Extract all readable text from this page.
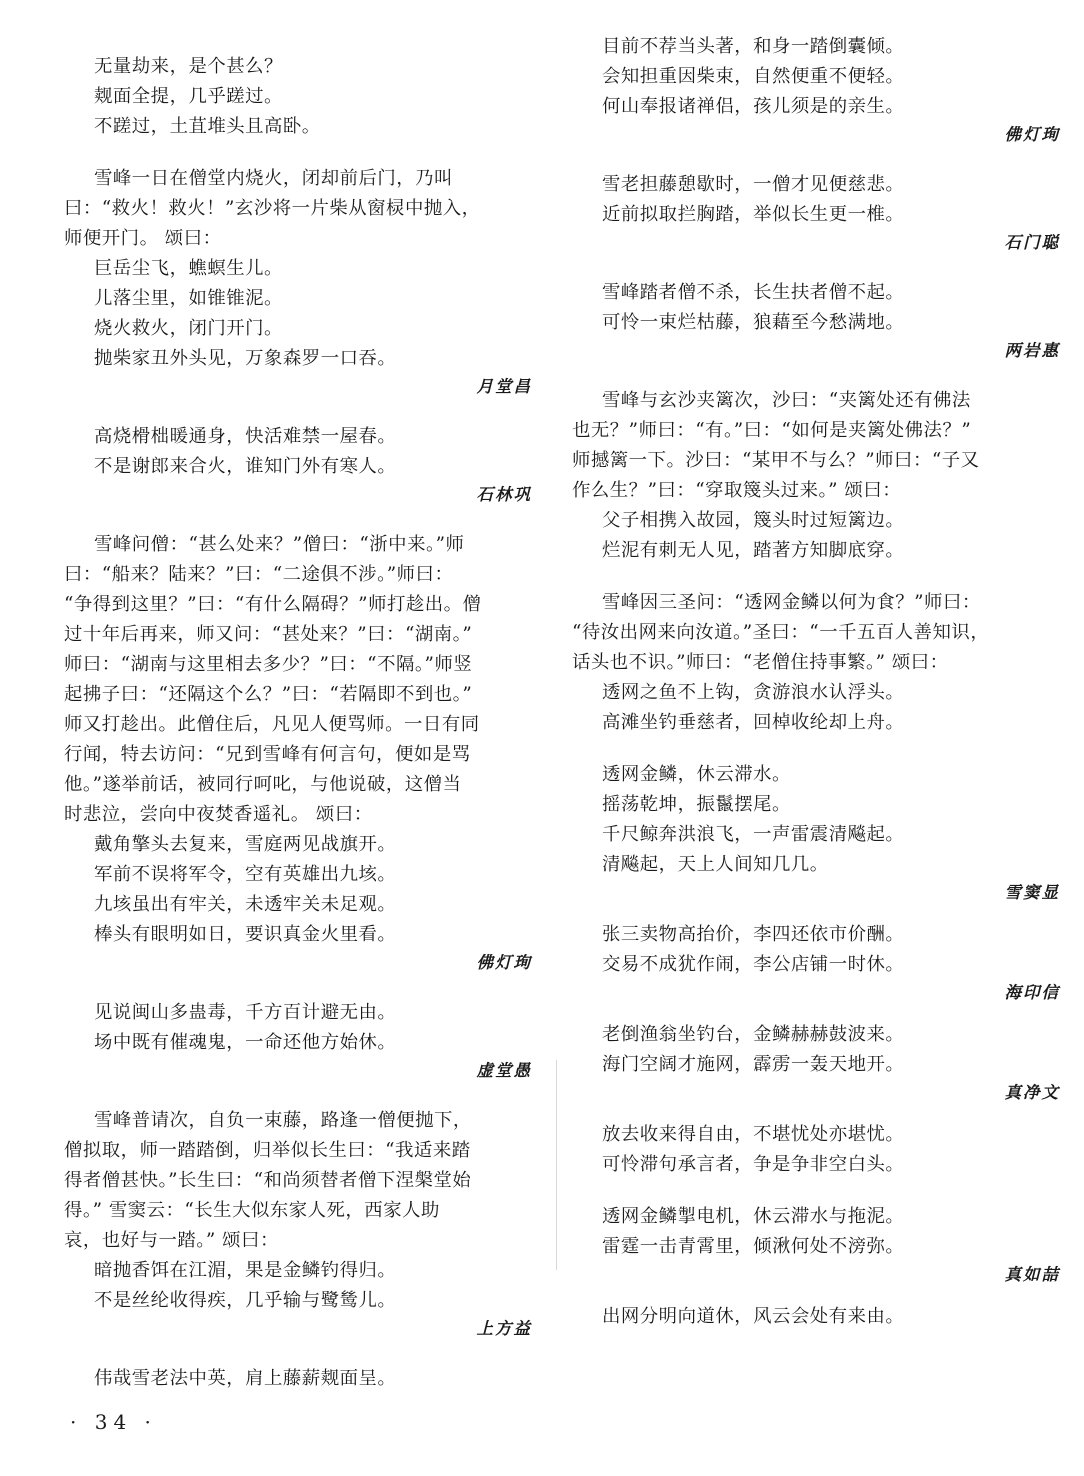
无量劫来，是个甚么？
觌面全提，几乎蹉过。
不蹉过，土苴堆头且高卧。
雪峰一日在僧堂内烧火，闭却前后门，乃叫
曰：“救火！救火！”玄沙将一片柴从窗棂中抛入，
师便开门。 颂曰：
巨岳尘飞，蟭螟生儿。
儿落尘里，如锥锥泥。
烧火救火，闭门开门。
抛柴家丑外头见，万象森罗一口吞。
月堂昌
高烧榾柮暖通身，快活难禁一屋春。
不是谢郎来合火，谁知门外有寒人。
石林巩
雪峰问僧：“甚么处来？”僧曰：“浙中来。”师
曰：“船来？陆来？”曰：“二途俱不涉。”师曰：
“争得到这里？”曰：“有什么隔碍？”师打趁出。僧
过十年后再来，师又问：“甚处来？”曰：“湖南。”
师曰：“湖南与这里相去多少？”曰：“不隔。”师竖
起拂子曰：“还隔这个么？”曰：“若隔即不到也。”
师又打趁出。此僧住后，凡见人便骂师。一日有同
行闻，特去访问：“兄到雪峰有何言句，便如是骂
他。”遂举前话，被同行呵叱，与他说破，这僧当
时悲泣，尝向中夜焚香遥礼。 颂曰：
戴角擎头去复来，雪庭两见战旗开。
军前不误将军令，空有英雄出九垓。
九垓虽出有牢关，未透牢关未足观。
棒头有眼明如日，要识真金火里看。
佛灯珣
见说闽山多蛊毒，千方百计避无由。
场中既有催魂鬼，一命还他方始休。
虚堂愚
雪峰普请次，自负一束藤，路逢一僧便抛下，
僧拟取，师一踏踏倒，归举似长生曰：“我适来踏
得者僧甚快。”长生曰：“和尚须替者僧下涅槃堂始
得。” 雪窦云：“长生大似东家人死，西家人助
哀，也好与一踏。” 颂曰：
暗抛香饵在江湄，果是金鳞钓得归。
不是丝纶收得疾，几乎输与鹭鸶儿。
上方益
伟哉雪老法中英，肩上藤薪觌面呈。
目前不荐当头著，和身一踏倒囊倾。
会知担重因柴束，自然便重不便轻。
何山奉报诸禅侣，孩儿须是的亲生。
佛灯珣
雪老担藤憩歇时，一僧才见便慈悲。
近前拟取拦胸踏，举似长生更一椎。
石门聪
雪峰踏者僧不杀，长生扶者僧不起。
可怜一束烂枯藤，狼藉至今愁满地。
两岩惠
雪峰与玄沙夹篱次，沙曰：“夹篱处还有佛法
也无？”师曰：“有。”曰：“如何是夹篱处佛法？”
师撼篱一下。沙曰：“某甲不与么？”师曰：“子又
作么生？”曰：“穿取篾头过来。” 颂曰：
父子相携入故园，篾头时过短篱边。
烂泥有刺无人见，踏著方知脚底穿。
雪峰因三圣问：“透网金鳞以何为食？”师曰：
“待汝出网来向汝道。”圣曰：“一千五百人善知识，
话头也不识。”师曰：“老僧住持事繁。” 颂曰：
透网之鱼不上钩，贪游浪水认浮头。
高滩坐钓垂慈者，回棹收纶却上舟。
透网金鳞，休云滞水。
摇荡乾坤，振鬣摆尾。
千尺鲸奔洪浪飞，一声雷震清飚起。
清飚起，天上人间知几几。
雪窦显
张三卖物高抬价，李四还依市价酬。
交易不成犹作闹，李公店铺一时休。
海印信
老倒渔翁坐钓台，金鳞赫赫鼓波来。
海门空阔才施网，霹雳一轰天地开。
真净文
放去收来得自由，不堪忧处亦堪忧。
可怜滞句承言者，争是争非空白头。
透网金鳞掣电机，休云滞水与拖泥。
雷霆一击青霄里，倾湫何处不滂弥。
真如喆
出网分明向道休，风云会处有来由。
· 34 ·
